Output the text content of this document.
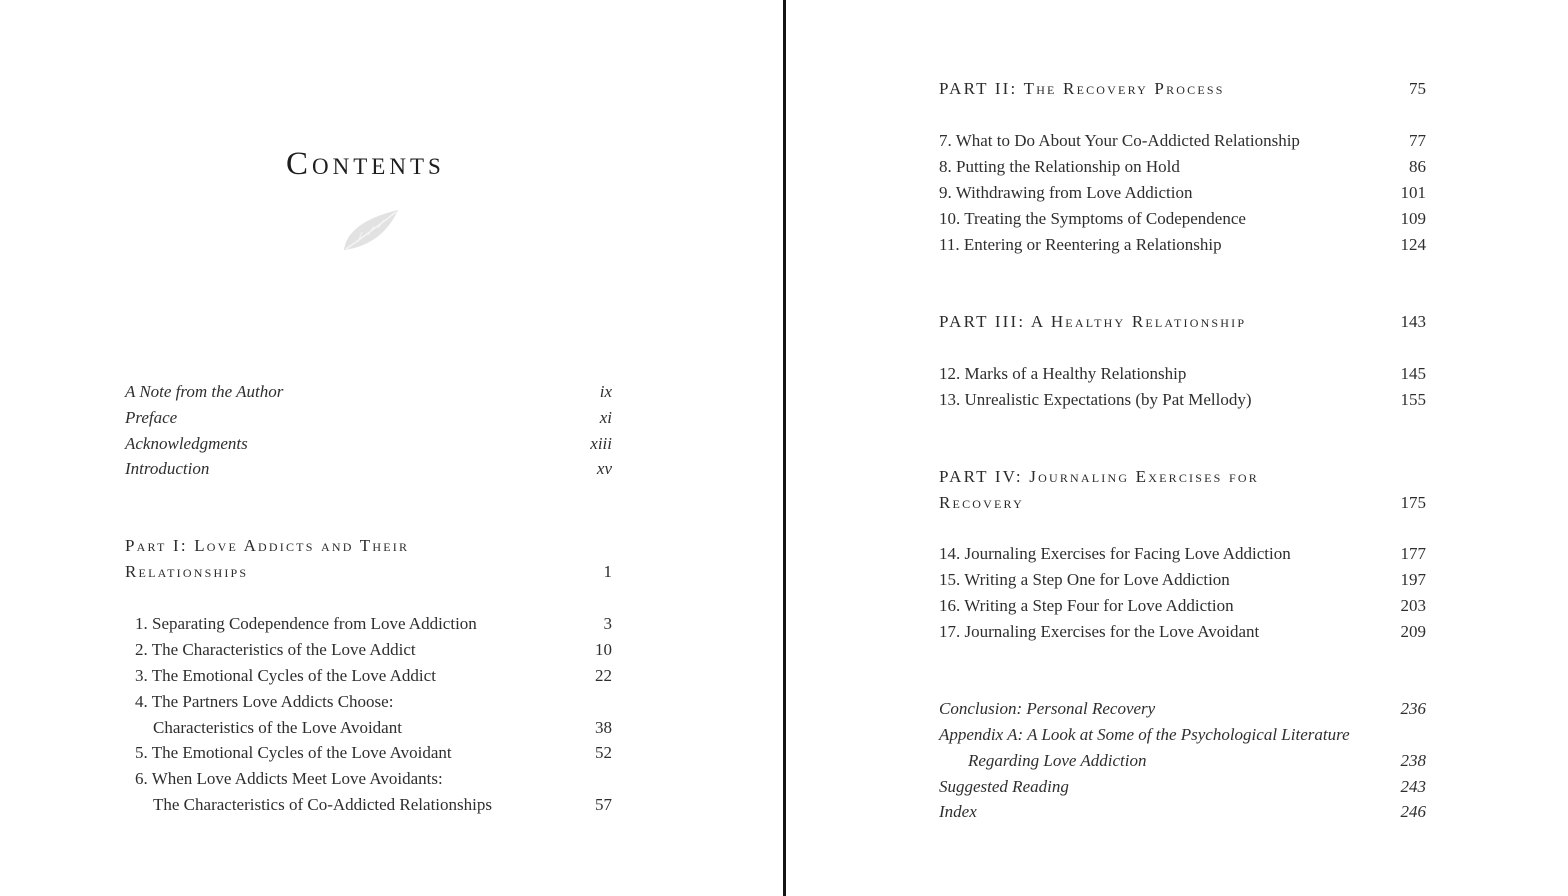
Contents
A Note from the Author	ix
Preface	xi
Acknowledgments	xiii
Introduction	xv
Part I: Love Addicts and Their
Relationships	1
1. Separating Codependence from Love Addiction	3
2. The Characteristics of the Love Addict	10
3. The Emotional Cycles of the Love Addict	22
4. The Partners Love Addicts Choose:
Characteristics of the Love Avoidant	38
5. The Emotional Cycles of the Love Avoidant	52
6. When Love Addicts Meet Love Avoidants:
The Characteristics of Co-Addicted Relationships	57
PART II: The Recovery Process	75
7. What to Do About Your Co-Addicted Relationship	77
8. Putting the Relationship on Hold	86
9. Withdrawing from Love Addiction	101
10. Treating the Symptoms of Codependence	109
11. Entering or Reentering a Relationship	124
PART III: A Healthy Relationship	143
12. Marks of a Healthy Relationship	145
13. Unrealistic Expectations (by Pat Mellody)	155
PART IV: Journaling Exercises for
Recovery	175
14. Journaling Exercises for Facing Love Addiction	177
15. Writing a Step One for Love Addiction	197
16. Writing a Step Four for Love Addiction	203
17. Journaling Exercises for the Love Avoidant	209
Conclusion: Personal Recovery	236
Appendix A: A Look at Some of the Psychological Literature
Regarding Love Addiction	238
Suggested Reading	243
Index	246
